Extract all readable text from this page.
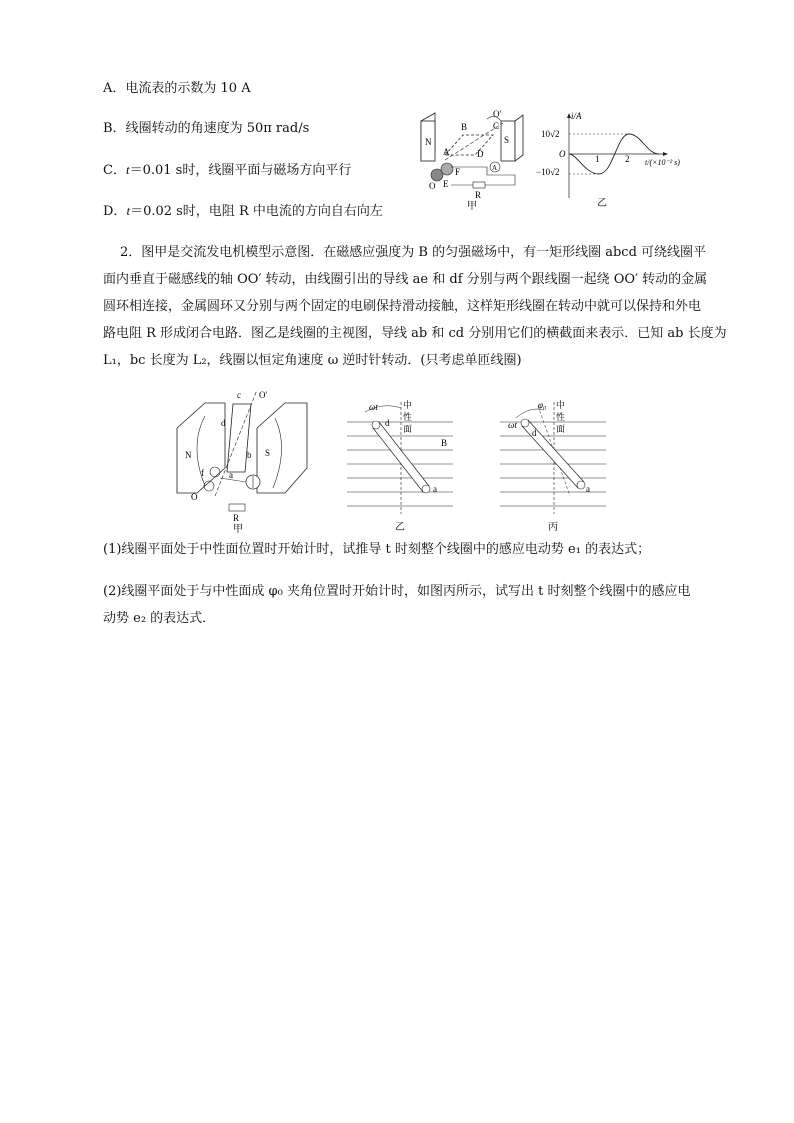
A．电流表的示数为 10 A
B．线圈转动的角速度为 50π rad/s
C．t＝0.01 s时，线圈平面与磁场方向平行
D．t＝0.02 s时，电阻 R 中电流的方向自右向左
N	S
B
O′
C
A	D
O E
F	A
R
甲
i/A
10√2
−10√2
O	1	2 t/(×10⁻² s)
乙
2．图甲是交流发电机模型示意图．在磁感应强度为 B 的匀强磁场中，有一矩形线圈 abcd 可绕线圈平
面内垂直于磁感线的轴 OO′ 转动，由线圈引出的导线 ae 和 df 分别与两个跟线圈一起绕 OO′ 转动的金属
圆环相连接，金属圆环又分别与两个固定的电刷保持滑动接触，这样矩形线圈在转动中就可以保持和外电
路电阻 R 形成闭合电路．图乙是线圈的主视图，导线 ab 和 cd 分别用它们的横截面来表示．已知 ab 长度为
L₁，bc 长度为 L₂，线圈以恒定角速度 ω 逆时针转动．(只考虑单匝线圈)
N	S
c
d
b
a
O′
f
O
R
甲
中
性
面
B
d
a
ωt
乙
中
性
面
d
a
ωt
φ₀
丙
(1)线圈平面处于中性面位置时开始计时，试推导 t 时刻整个线圈中的感应电动势 e₁ 的表达式；
(2)线圈平面处于与中性面成 φ₀ 夹角位置时开始计时，如图丙所示，试写出 t 时刻整个线圈中的感应电
动势 e₂ 的表达式．
